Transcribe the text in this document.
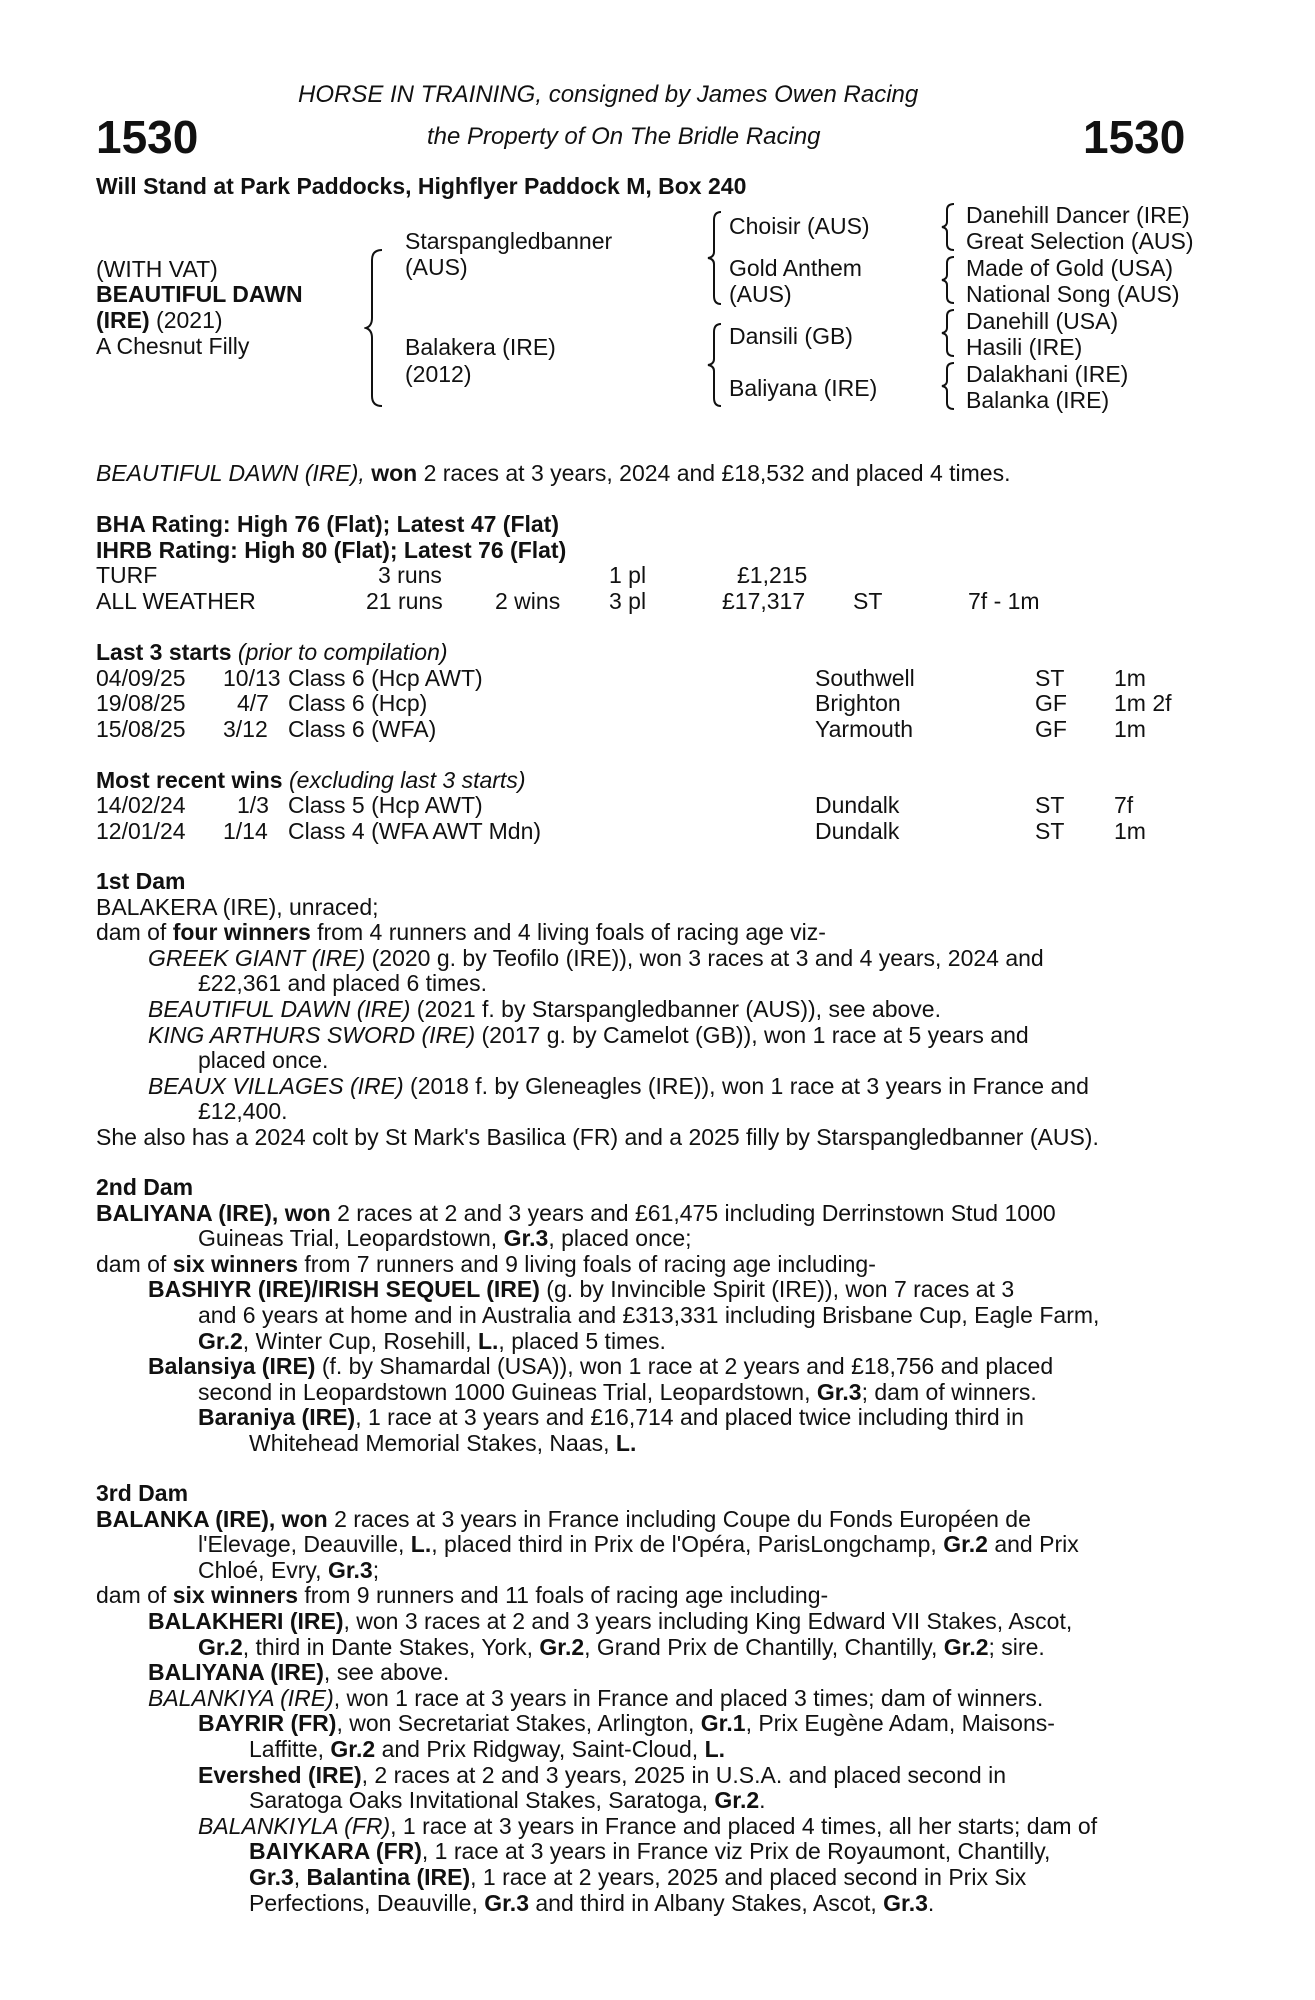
1530	1530
HORSE IN TRAINING, consigned by James Owen Racing
the Property of On The Bridle Racing
Will Stand at Park Paddocks, Highflyer Paddock M, Box 240
(WITH VAT)
BEAUTIFUL DAWN
(IRE) (2021)
A Chesnut Filly
Starspangledbanner
(AUS)
Balakera (IRE)
(2012)
Choisir (AUS)
Gold Anthem
(AUS)
Dansili (GB)
Baliyana (IRE)
Danehill Dancer (IRE)
Great Selection (AUS)
Made of Gold (USA)
National Song (AUS)
Danehill (USA)
Hasili (IRE)
Dalakhani (IRE)
Balanka (IRE)
BEAUTIFUL DAWN (IRE), won 2 races at 3 years, 2024 and £18,532 and placed 4 times.
BHA Rating: High 76 (Flat); Latest 47 (Flat)
IHRB Rating: High 80 (Flat); Latest 76 (Flat)
TURF	3 runs	1 pl	£1,215
ALL WEATHER	21 runs 2 wins 3 pl	£17,317 ST	7f - 1m
Last 3 starts (prior to compilation)
04/09/25 10/13 Class 6 (Hcp AWT)	Southwell	ST 1m
19/08/25 4/7 Class 6 (Hcp)	Brighton	GF 1m 2f
15/08/25 3/12 Class 6 (WFA)	Yarmouth	GF 1m
Most recent wins (excluding last 3 starts)
14/02/24 1/3 Class 5 (Hcp AWT)	Dundalk	ST 7f
12/01/24 1/14 Class 4 (WFA AWT Mdn)	Dundalk	ST 1m
1st Dam
BALAKERA (IRE), unraced;
dam of four winners from 4 runners and 4 living foals of racing age viz-
GREEK GIANT (IRE) (2020 g. by Teofilo (IRE)), won 3 races at 3 and 4 years, 2024 and
£22,361 and placed 6 times.
BEAUTIFUL DAWN (IRE) (2021 f. by Starspangledbanner (AUS)), see above.
KING ARTHURS SWORD (IRE) (2017 g. by Camelot (GB)), won 1 race at 5 years and
placed once.
BEAUX VILLAGES (IRE) (2018 f. by Gleneagles (IRE)), won 1 race at 3 years in France and
£12,400.
She also has a 2024 colt by St Mark's Basilica (FR) and a 2025 filly by Starspangledbanner (AUS).
2nd Dam
BALIYANA (IRE), won 2 races at 2 and 3 years and £61,475 including Derrinstown Stud 1000
Guineas Trial, Leopardstown, Gr.3, placed once;
dam of six winners from 7 runners and 9 living foals of racing age including-
BASHIYR (IRE)/IRISH SEQUEL (IRE) (g. by Invincible Spirit (IRE)), won 7 races at 3
and 6 years at home and in Australia and £313,331 including Brisbane Cup, Eagle Farm,
Gr.2, Winter Cup, Rosehill, L., placed 5 times.
Balansiya (IRE) (f. by Shamardal (USA)), won 1 race at 2 years and £18,756 and placed
second in Leopardstown 1000 Guineas Trial, Leopardstown, Gr.3; dam of winners.
Baraniya (IRE), 1 race at 3 years and £16,714 and placed twice including third in
Whitehead Memorial Stakes, Naas, L.
3rd Dam
BALANKA (IRE), won 2 races at 3 years in France including Coupe du Fonds Européen de
l'Elevage, Deauville, L., placed third in Prix de l'Opéra, ParisLongchamp, Gr.2 and Prix
Chloé, Evry, Gr.3;
dam of six winners from 9 runners and 11 foals of racing age including-
BALAKHERI (IRE), won 3 races at 2 and 3 years including King Edward VII Stakes, Ascot,
Gr.2, third in Dante Stakes, York, Gr.2, Grand Prix de Chantilly, Chantilly, Gr.2; sire.
BALIYANA (IRE), see above.
BALANKIYA (IRE), won 1 race at 3 years in France and placed 3 times; dam of winners.
BAYRIR (FR), won Secretariat Stakes, Arlington, Gr.1, Prix Eugène Adam, Maisons-
Laffitte, Gr.2 and Prix Ridgway, Saint-Cloud, L.
Evershed (IRE), 2 races at 2 and 3 years, 2025 in U.S.A. and placed second in
Saratoga Oaks Invitational Stakes, Saratoga, Gr.2.
BALANKIYLA (FR), 1 race at 3 years in France and placed 4 times, all her starts; dam of
BAIYKARA (FR), 1 race at 3 years in France viz Prix de Royaumont, Chantilly,
Gr.3, Balantina (IRE), 1 race at 2 years, 2025 and placed second in Prix Six
Perfections, Deauville, Gr.3 and third in Albany Stakes, Ascot, Gr.3.
